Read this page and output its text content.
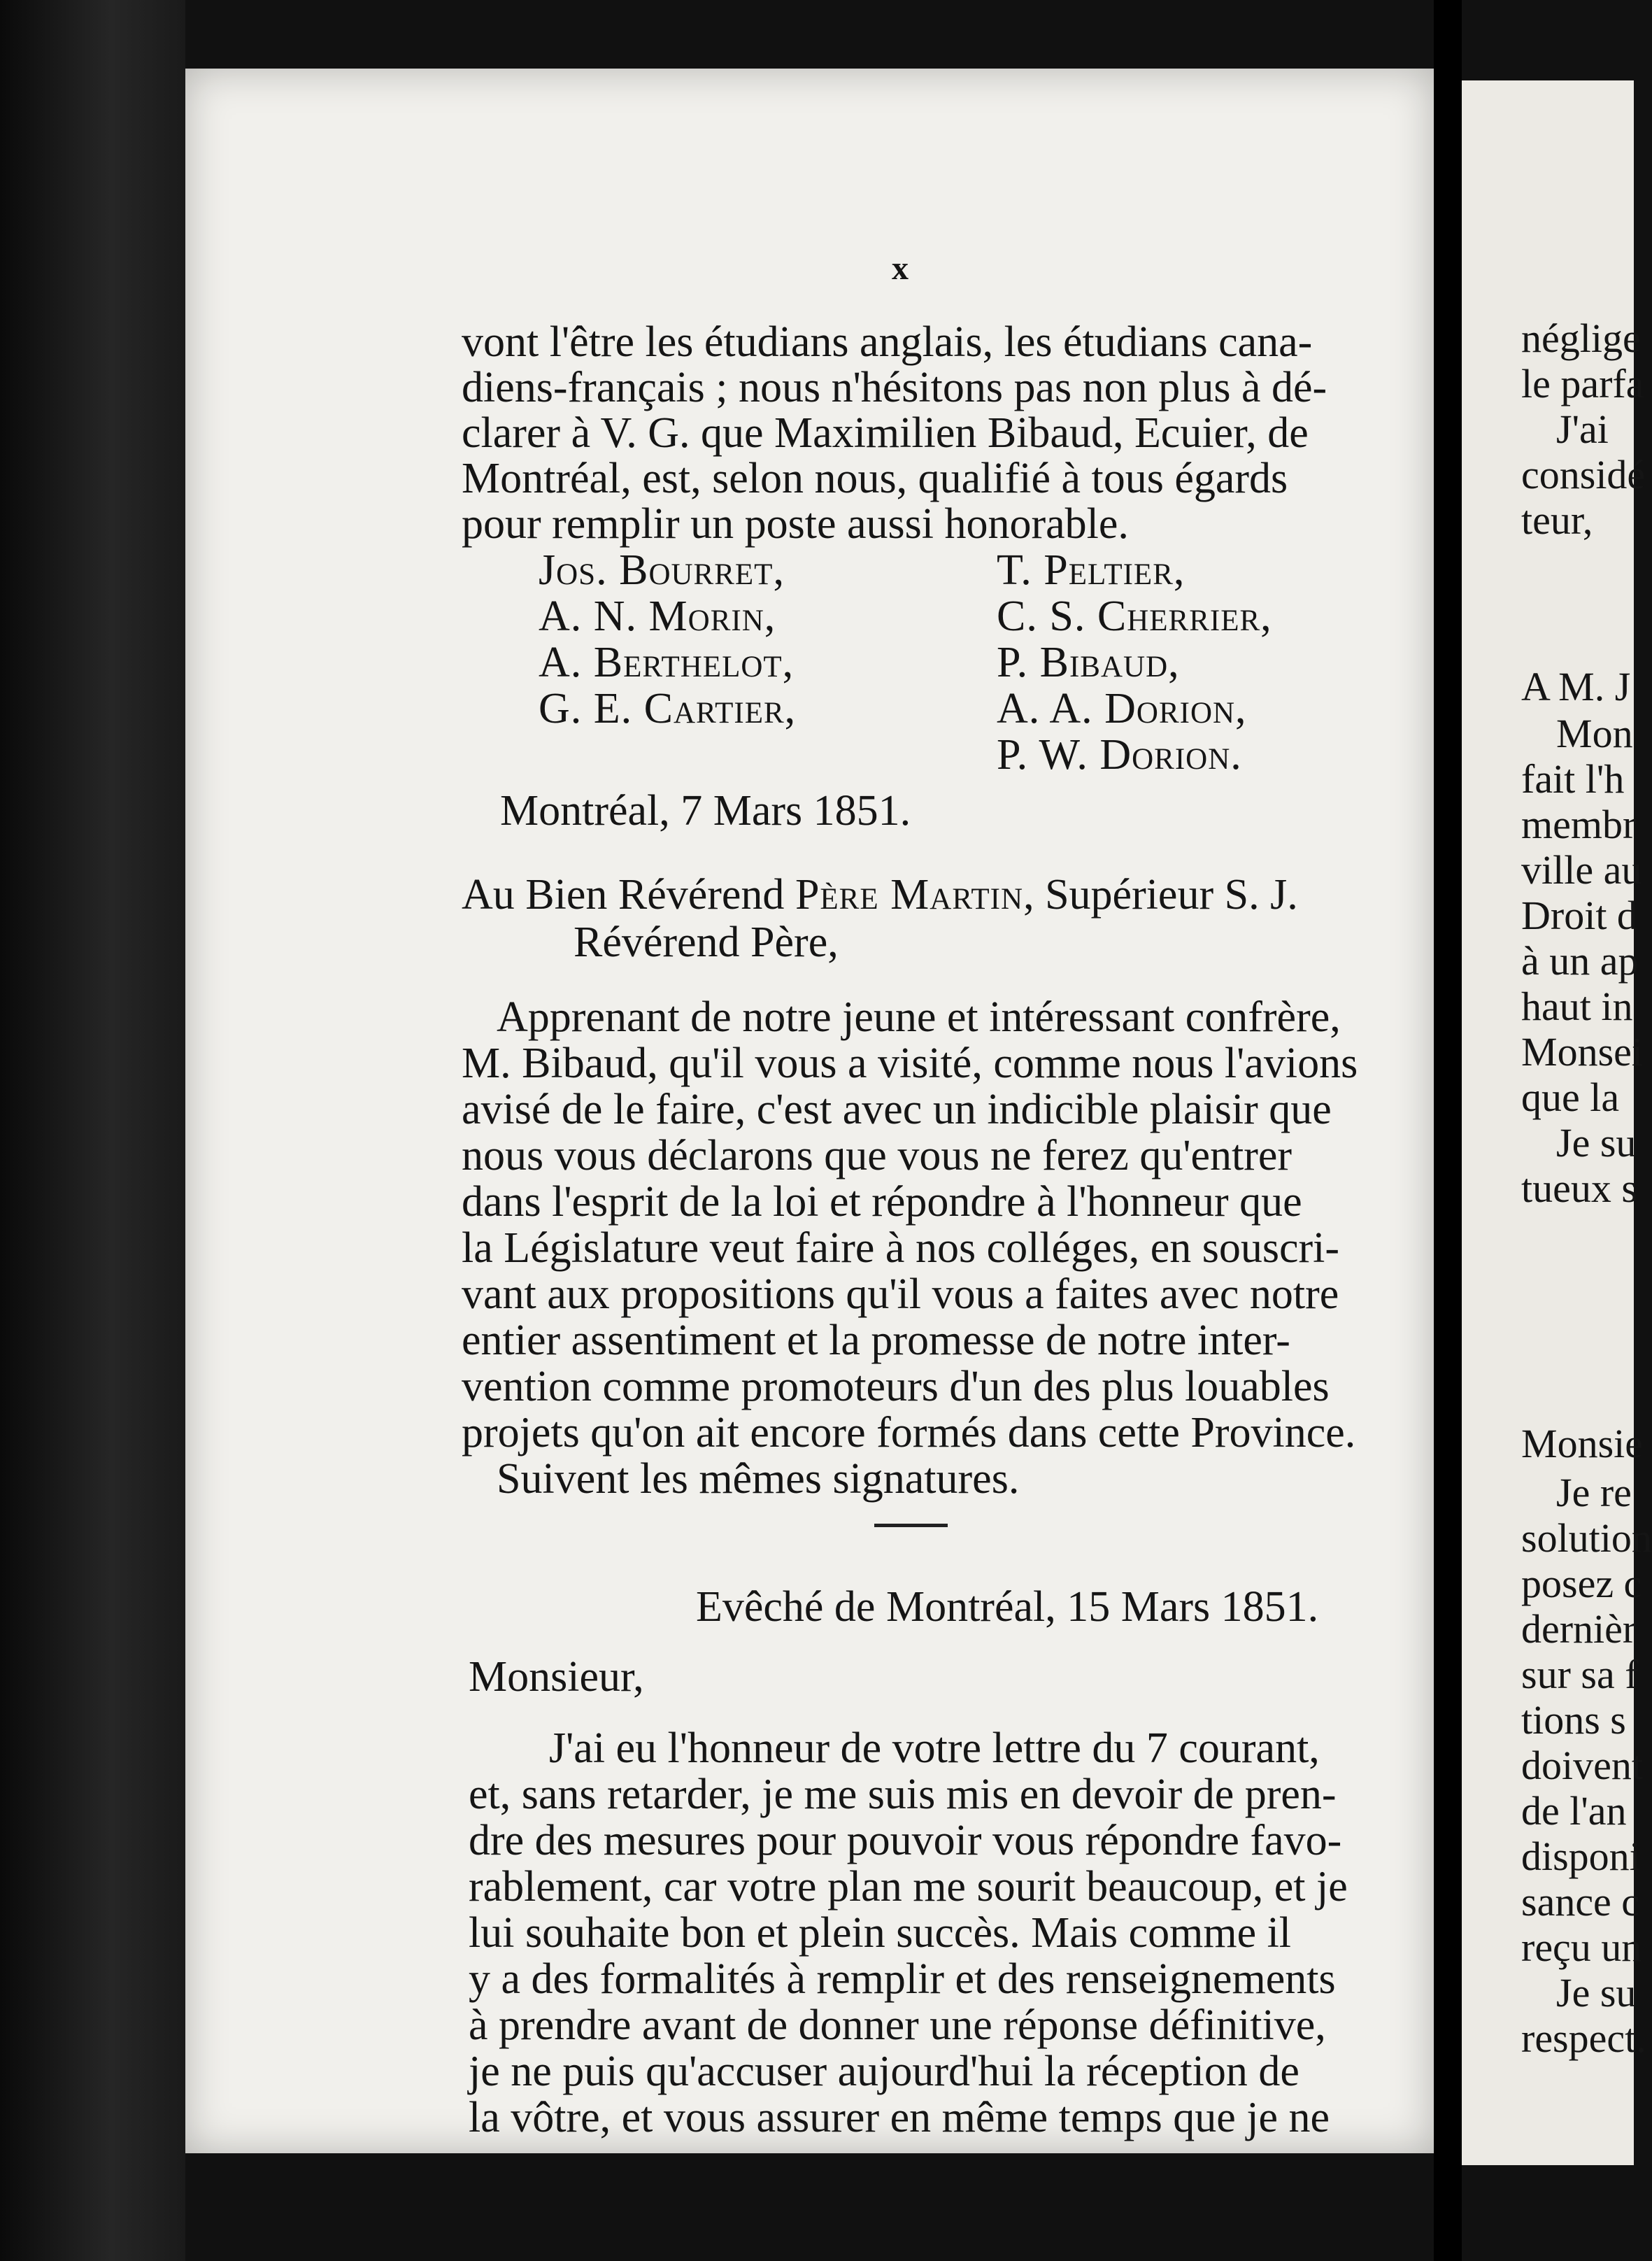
x
vont l'être les étudians anglais, les étudians cana-
diens-français ; nous n'hésitons pas non plus à dé-
clarer à V. G. que Maximilien Bibaud, Ecuier, de
Montréal, est, selon nous, qualifié à tous égards
pour remplir un poste aussi honorable.
Jos. Bourret,
A. N. Morin,
A. Berthelot,
G. E. Cartier,
T. Peltier,
C. S. Cherrier,
P. Bibaud,
A. A. Dorion,
P. W. Dorion.
Montréal, 7 Mars 1851.
Au Bien Révérend Père Martin, Supérieur S. J.
Révérend Père,
Apprenant de notre jeune et intéressant confrère,
M. Bibaud, qu'il vous a visité, comme nous l'avions
avisé de le faire, c'est avec un indicible plaisir que
nous vous déclarons que vous ne ferez qu'entrer
dans l'esprit de la loi et répondre à l'honneur que
la Législature veut faire à nos colléges, en souscri-
vant aux propositions qu'il vous a faites avec notre
entier assentiment et la promesse de notre inter-
vention comme promoteurs d'un des plus louables
projets qu'on ait encore formés dans cette Province.
Suivent les mêmes signatures.
Evêché de Montréal, 15 Mars 1851.
Monsieur,
J'ai eu l'honneur de votre lettre du 7 courant,
et, sans retarder, je me suis mis en devoir de pren-
dre des mesures pour pouvoir vous répondre favo-
rablement, car votre plan me sourit beaucoup, et je
lui souhaite bon et plein succès. Mais comme il
y a des formalités à remplir et des renseignements
à prendre avant de donner une réponse définitive,
je ne puis qu'accuser aujourd'hui la réception de
la vôtre, et vous assurer en même temps que je ne
néglige
le parfa
J'ai
considé
teur,
A M. J
Mon
fait l'h
membr
ville au
Droit d
à un ap
haut in
Monsei
que la
Je su
tueux s
Monsie
Je re
solution
posez c
dernièr
sur sa f
tions s
doivent
de l'an
disponi
sance c
reçu un
Je su
respect.
